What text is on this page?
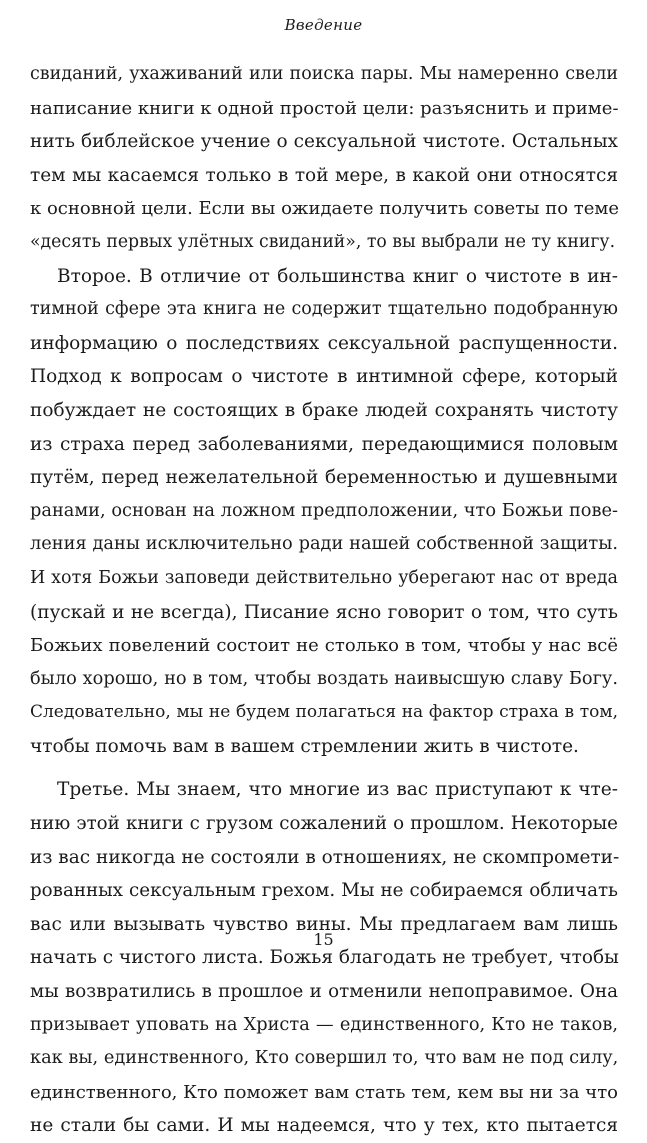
Введение
свиданий, ухаживаний или поиска пары. Мы намеренно свели
написание книги к одной простой цели: разъяснить и приме-
нить библейское учение о сексуальной чистоте. Остальных
тем мы касаемся только в той мере, в какой они относятся
к основной цели. Если вы ожидаете получить советы по теме
«десять первых улётных свиданий», то вы выбрали не ту книгу.
Второе. В отличие от большинства книг о чистоте в ин-
тимной сфере эта книга не содержит тщательно подобранную
информацию о последствиях сексуальной распущенности.
Подход к вопросам о чистоте в интимной сфере, который
побуждает не состоящих в браке людей сохранять чистоту
из страха перед заболеваниями, передающимися половым
путём, перед нежелательной беременностью и душевными
ранами, основан на ложном предположении, что Божьи повe-
ления даны исключительно ради нашей собственной защиты.
И хотя Божьи заповеди действительно уберегают нас от вреда
(пускай и не всегда), Писание ясно говорит о том, что суть
Божьих повелений состоит не столько в том, чтобы у нас всё
было хорошо, но в том, чтобы воздать наивысшую славу Богу.
Следовательно, мы не будем полагаться на фактор страха в том,
чтобы помочь вам в вашем стремлении жить в чистоте.
Третье. Мы знаем, что многие из вас приступают к чте-
нию этой книги с грузом сожалений о прошлом. Некоторые
из вас никогда не состояли в отношениях, не скомпромети-
рованных сексуальным грехом. Мы не собираемся обличать
вас или вызывать чувство вины. Мы предлагаем вам лишь
начать с чистого листа. Божья благодать не требует, чтобы
мы возвратились в прошлое и отменили непоправимое. Она
призывает уповать на Христа — единственного, Кто не таков,
как вы, единственного, Кто совершил то, что вам не под силу,
единственного, Кто поможет вам стать тем, кем вы ни за что
не стали бы сами. И мы надеемся, что у тех, кто пытается
15
